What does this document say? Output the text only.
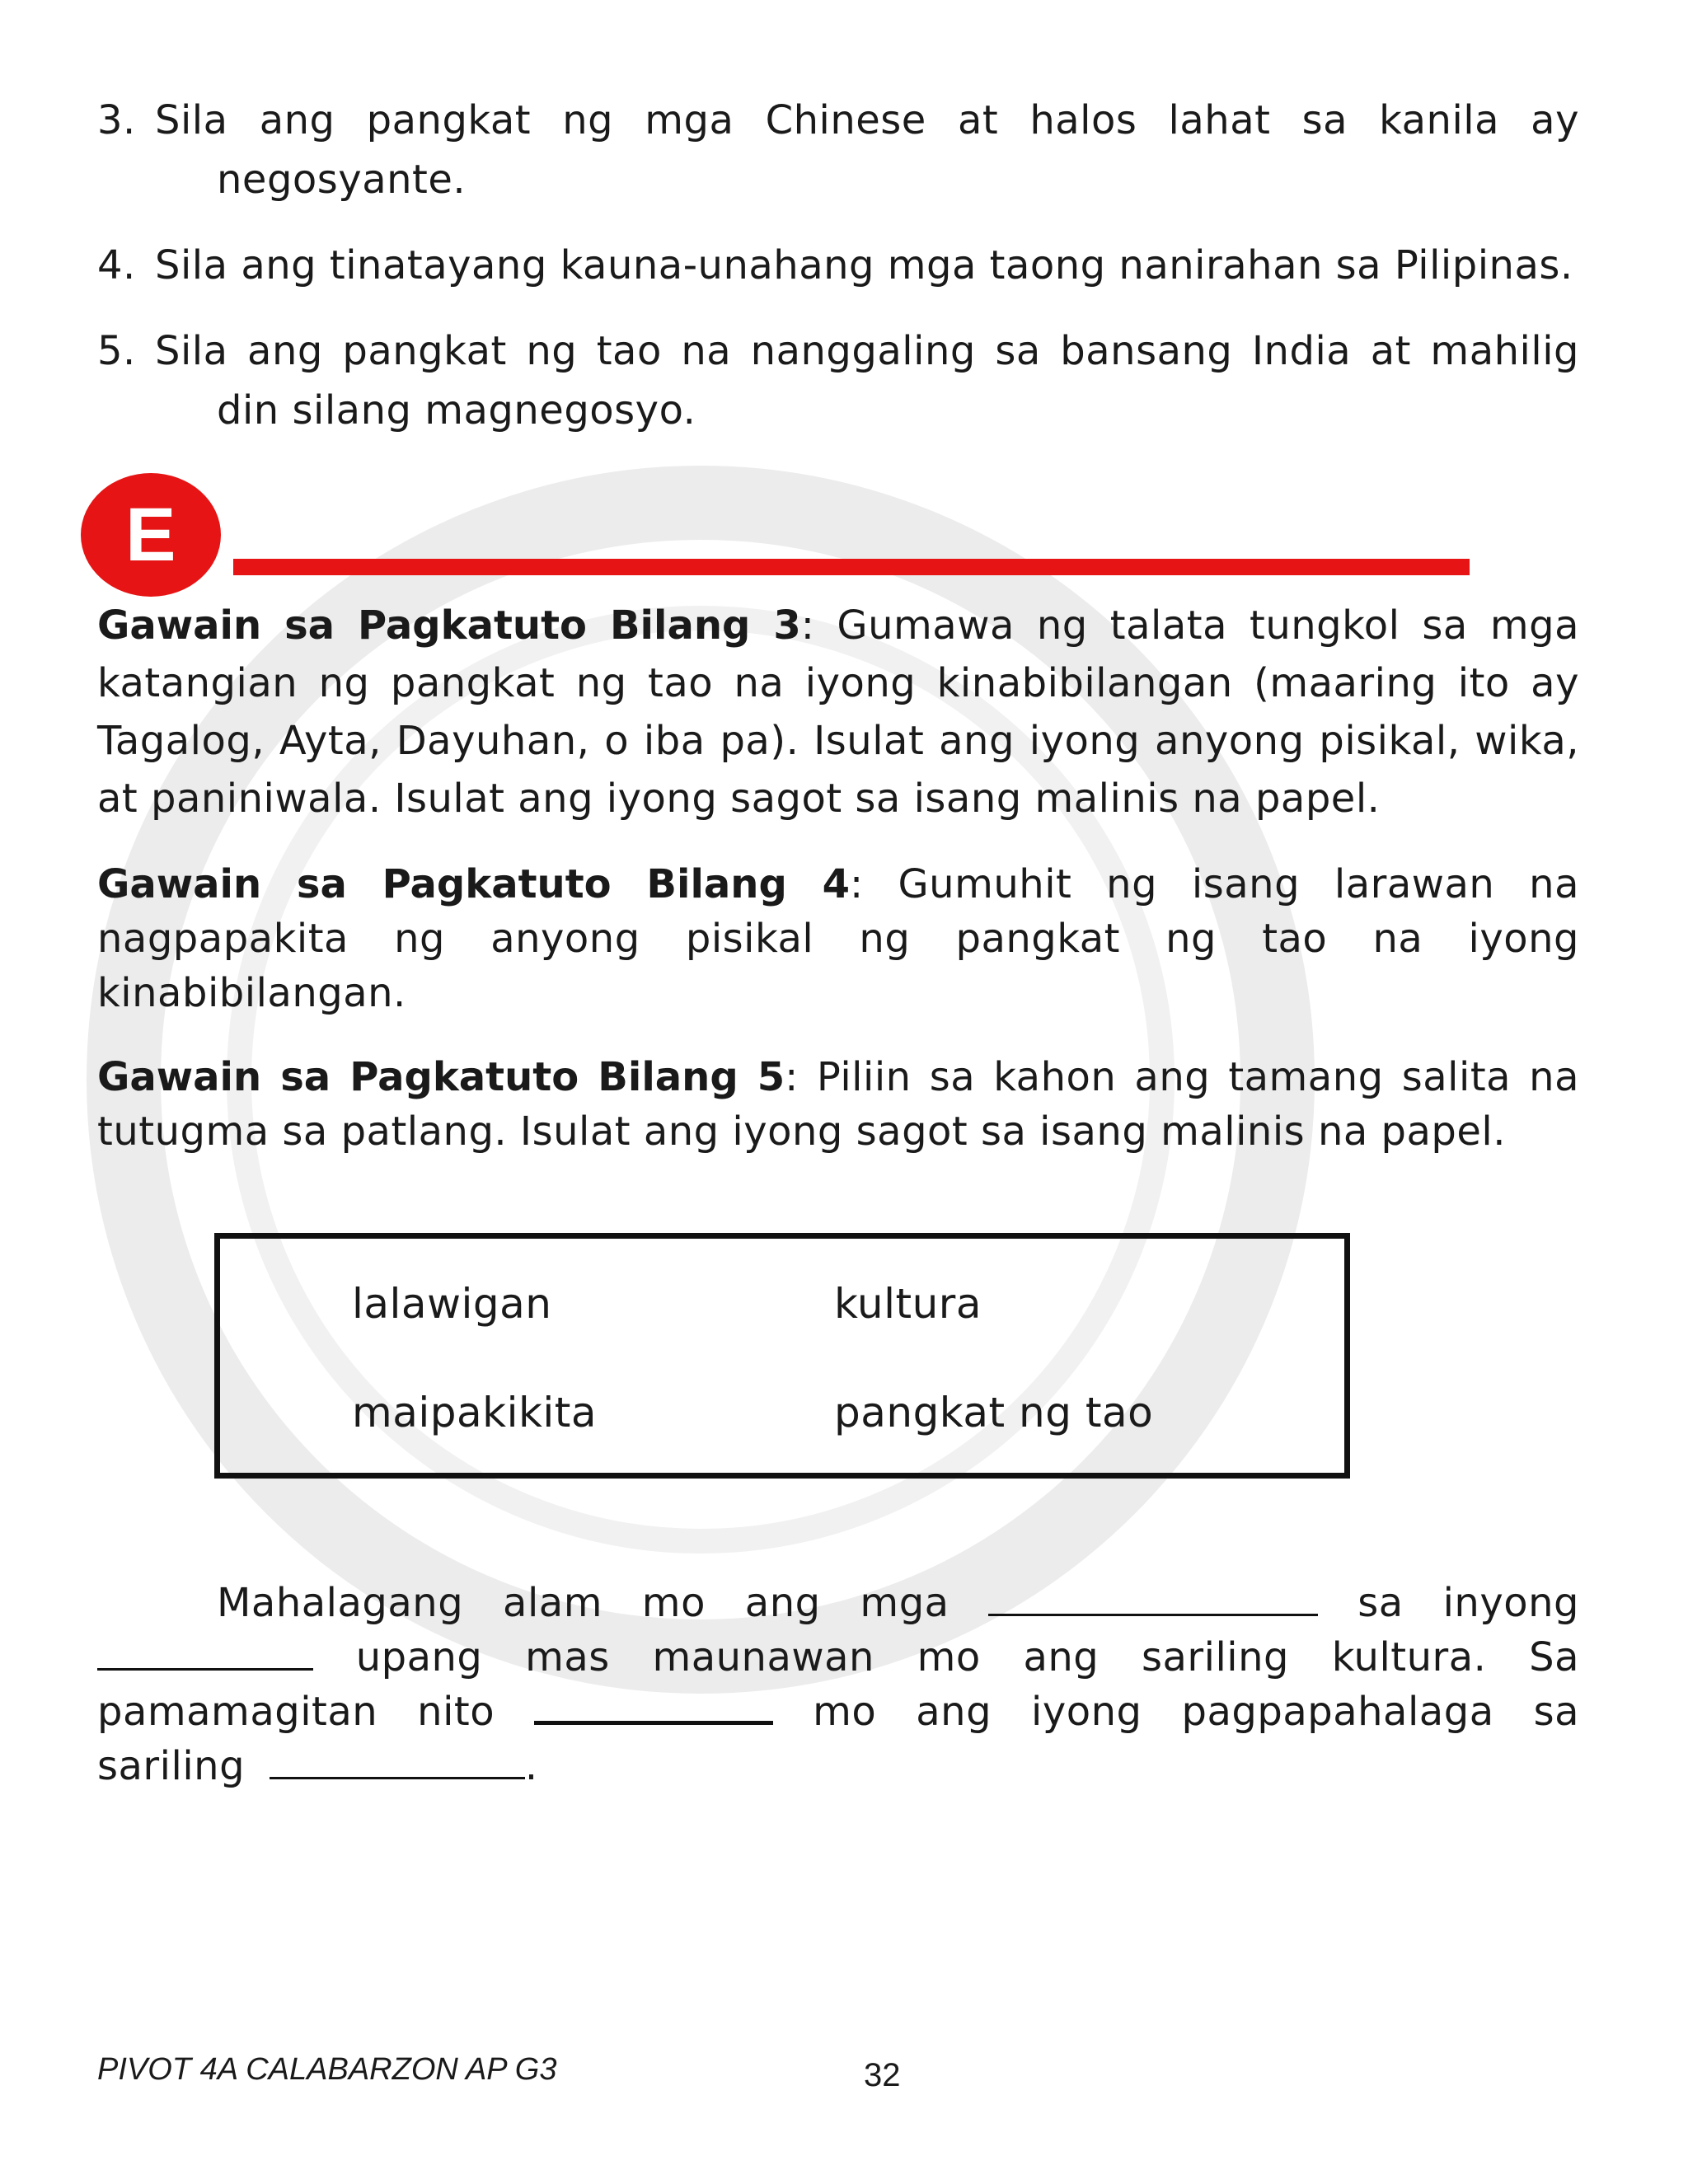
3. Sila ang pangkat ng mga Chinese at halos lahat sa kanila ay negosyante.
4. Sila ang tinatayang kauna-unahang mga taong nanirahan sa Pilipinas.
5. Sila ang pangkat ng tao na nanggaling sa bansang India at mahilig din silang magnegosyo.
E

Gawain sa Pagkatuto Bilang 3: Gumawa ng talata tungkol sa mga katangian ng pangkat ng tao na iyong kinabibilangan (maaring ito ay Tagalog, Ayta, Dayuhan, o iba pa). Isulat ang iyong anyong pisikal, wika, at paniniwala. Isulat ang iyong sagot sa isang malinis na papel.

Gawain sa Pagkatuto Bilang 4: Gumuhit ng isang larawan na nagpapakita ng anyong pisikal ng pangkat ng tao na iyong kinabibilangan.

Gawain sa Pagkatuto Bilang 5: Piliin sa kahon ang tamang salita na tutugma sa patlang. Isulat ang iyong sagot sa isang malinis na papel.

lalawigan	kultura
maipakikita	pangkat ng tao

Mahalagang alam mo ang mga	sa inyong  upang mas maunawan mo ang sariling kultura. Sa pamamagitan nito	mo ang iyong pagpapahalaga sa sariling	.

PIVOT 4A CALABARZON AP G3	32
